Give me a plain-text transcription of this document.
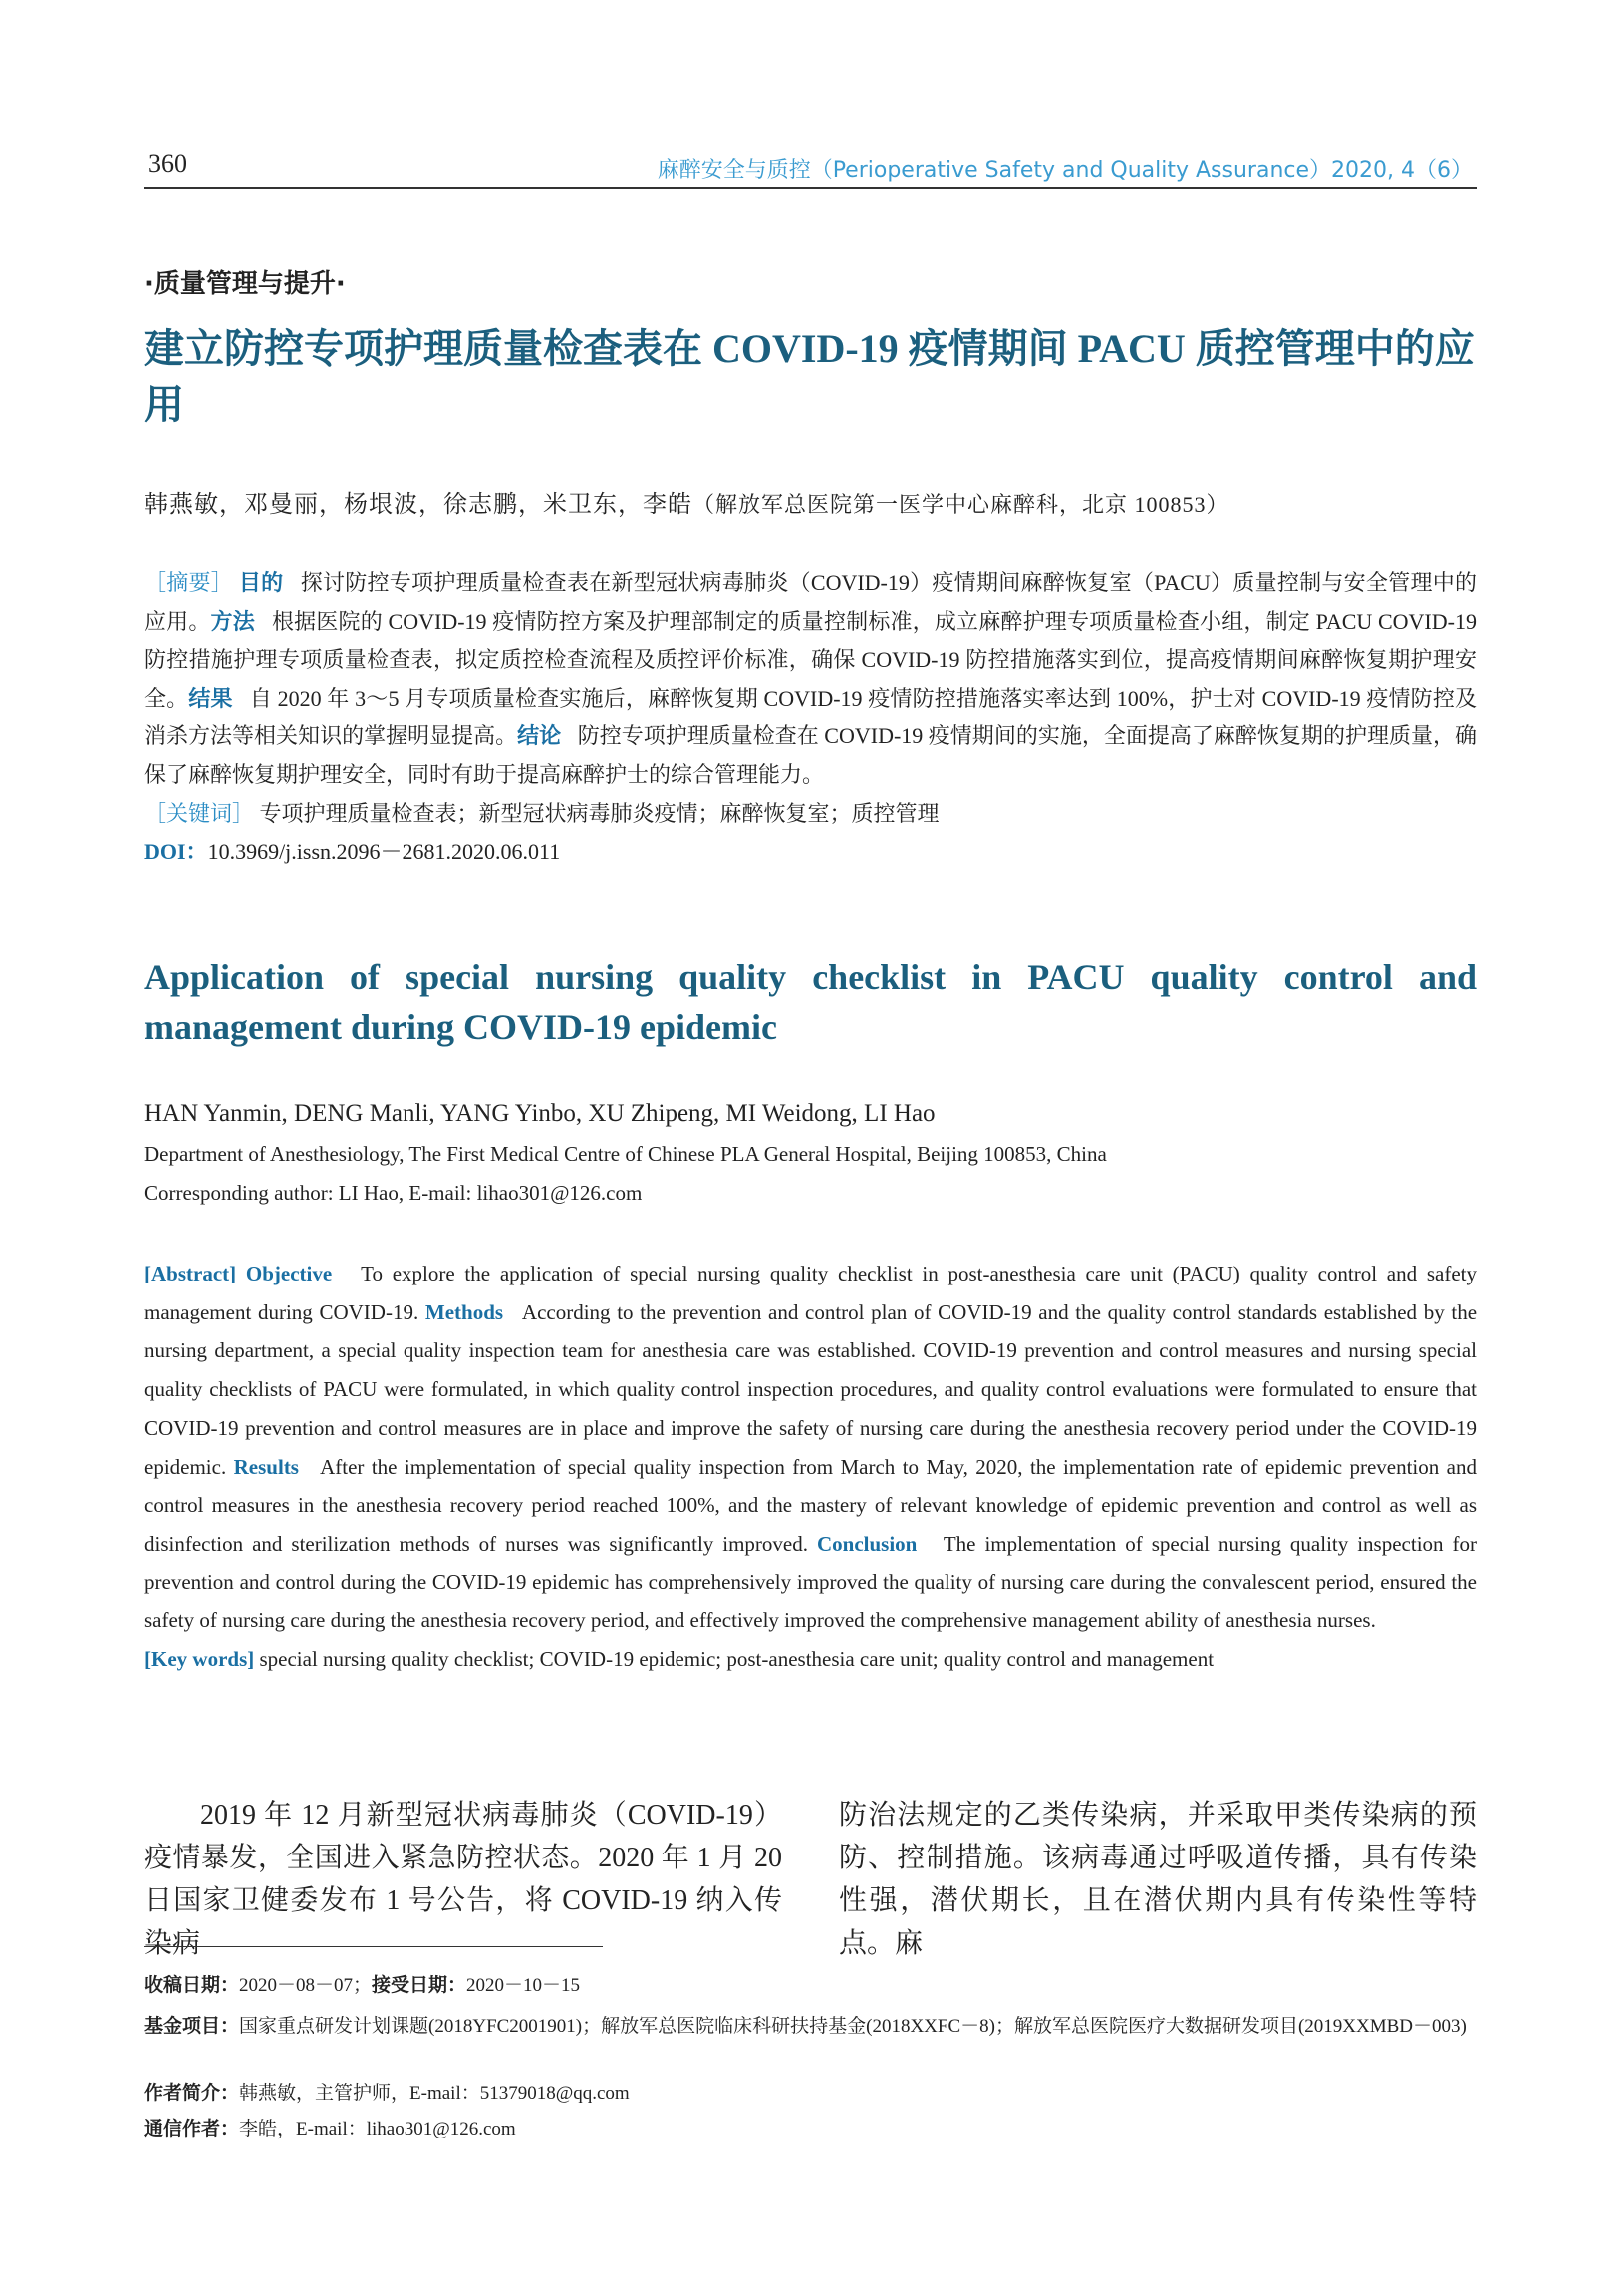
360	麻醉安全与质控（Perioperative Safety and Quality Assurance）2020, 4（6）
·质量管理与提升·
建立防控专项护理质量检查表在 COVID-19 疫情期间 PACU 质控管理中的应用
韩燕敏，邓曼丽，杨垠波，徐志鹏，米卫东，李皓（解放军总医院第一医学中心麻醉科，北京 100853）
［摘要］ 目的 探讨防控专项护理质量检查表在新型冠状病毒肺炎（COVID-19）疫情期间麻醉恢复室（PACU）质量控制与安全管理中的应用。方法 根据医院的 COVID-19 疫情防控方案及护理部制定的质量控制标准，成立麻醉护理专项质量检查小组，制定 PACU COVID-19 防控措施护理专项质量检查表，拟定质控检查流程及质控评价标准，确保 COVID-19 防控措施落实到位，提高疫情期间麻醉恢复期护理安全。结果 自 2020 年 3～5 月专项质量检查实施后，麻醉恢复期 COVID-19 疫情防控措施落实率达到 100%，护士对 COVID-19 疫情防控及消杀方法等相关知识的掌握明显提高。结论 防控专项护理质量检查在 COVID-19 疫情期间的实施，全面提高了麻醉恢复期的护理质量，确保了麻醉恢复期护理安全，同时有助于提高麻醉护士的综合管理能力。
［关键词］ 专项护理质量检查表；新型冠状病毒肺炎疫情；麻醉恢复室；质控管理
DOI：10.3969/j.issn.2096－2681.2020.06.011
Application of special nursing quality checklist in PACU quality control and management during COVID-19 epidemic
HAN Yanmin, DENG Manli, YANG Yinbo, XU Zhipeng, MI Weidong, LI Hao
Department of Anesthesiology, The First Medical Centre of Chinese PLA General Hospital, Beijing 100853, China
Corresponding author: LI Hao, E-mail: lihao301@126.com
[Abstract] Objective To explore the application of special nursing quality checklist in post-anesthesia care unit (PACU) quality control and safety management during COVID-19. Methods According to the prevention and control plan of COVID-19 and the quality control standards established by the nursing department, a special quality inspection team for anesthesia care was established. COVID-19 prevention and control measures and nursing special quality checklists of PACU were formulated, in which quality control inspection procedures, and quality control evaluations were formulated to ensure that COVID-19 prevention and control measures are in place and improve the safety of nursing care during the anesthesia recovery period under the COVID-19 epidemic. Results After the implementation of special quality inspection from March to May, 2020, the implementation rate of epidemic prevention and control measures in the anesthesia recovery period reached 100%, and the mastery of relevant knowledge of epidemic prevention and control as well as disinfection and sterilization methods of nurses was significantly improved. Conclusion The implementation of special nursing quality inspection for prevention and control during the COVID-19 epidemic has comprehensively improved the quality of nursing care during the convalescent period, ensured the safety of nursing care during the anesthesia recovery period, and effectively improved the comprehensive management ability of anesthesia nurses.
[Key words] special nursing quality checklist; COVID-19 epidemic; post-anesthesia care unit; quality control and management
2019 年 12 月新型冠状病毒肺炎（COVID-19）疫情暴发，全国进入紧急防控状态。2020 年 1 月 20 日国家卫健委发布 1 号公告，将 COVID-19 纳入传染病
防治法规定的乙类传染病，并采取甲类传染病的预防、控制措施。该病毒通过呼吸道传播，具有传染性强，潜伏期长，且在潜伏期内具有传染性等特点。麻
收稿日期：2020－08－07；接受日期：2020－10－15
基金项目：国家重点研发计划课题(2018YFC2001901)；解放军总医院临床科研扶持基金(2018XXFC－8)；解放军总医院医疗大数据研发项目(2019XXMBD－003)
作者简介：韩燕敏，主管护师，E-mail：51379018@qq.com
通信作者：李皓，E-mail：lihao301@126.com
